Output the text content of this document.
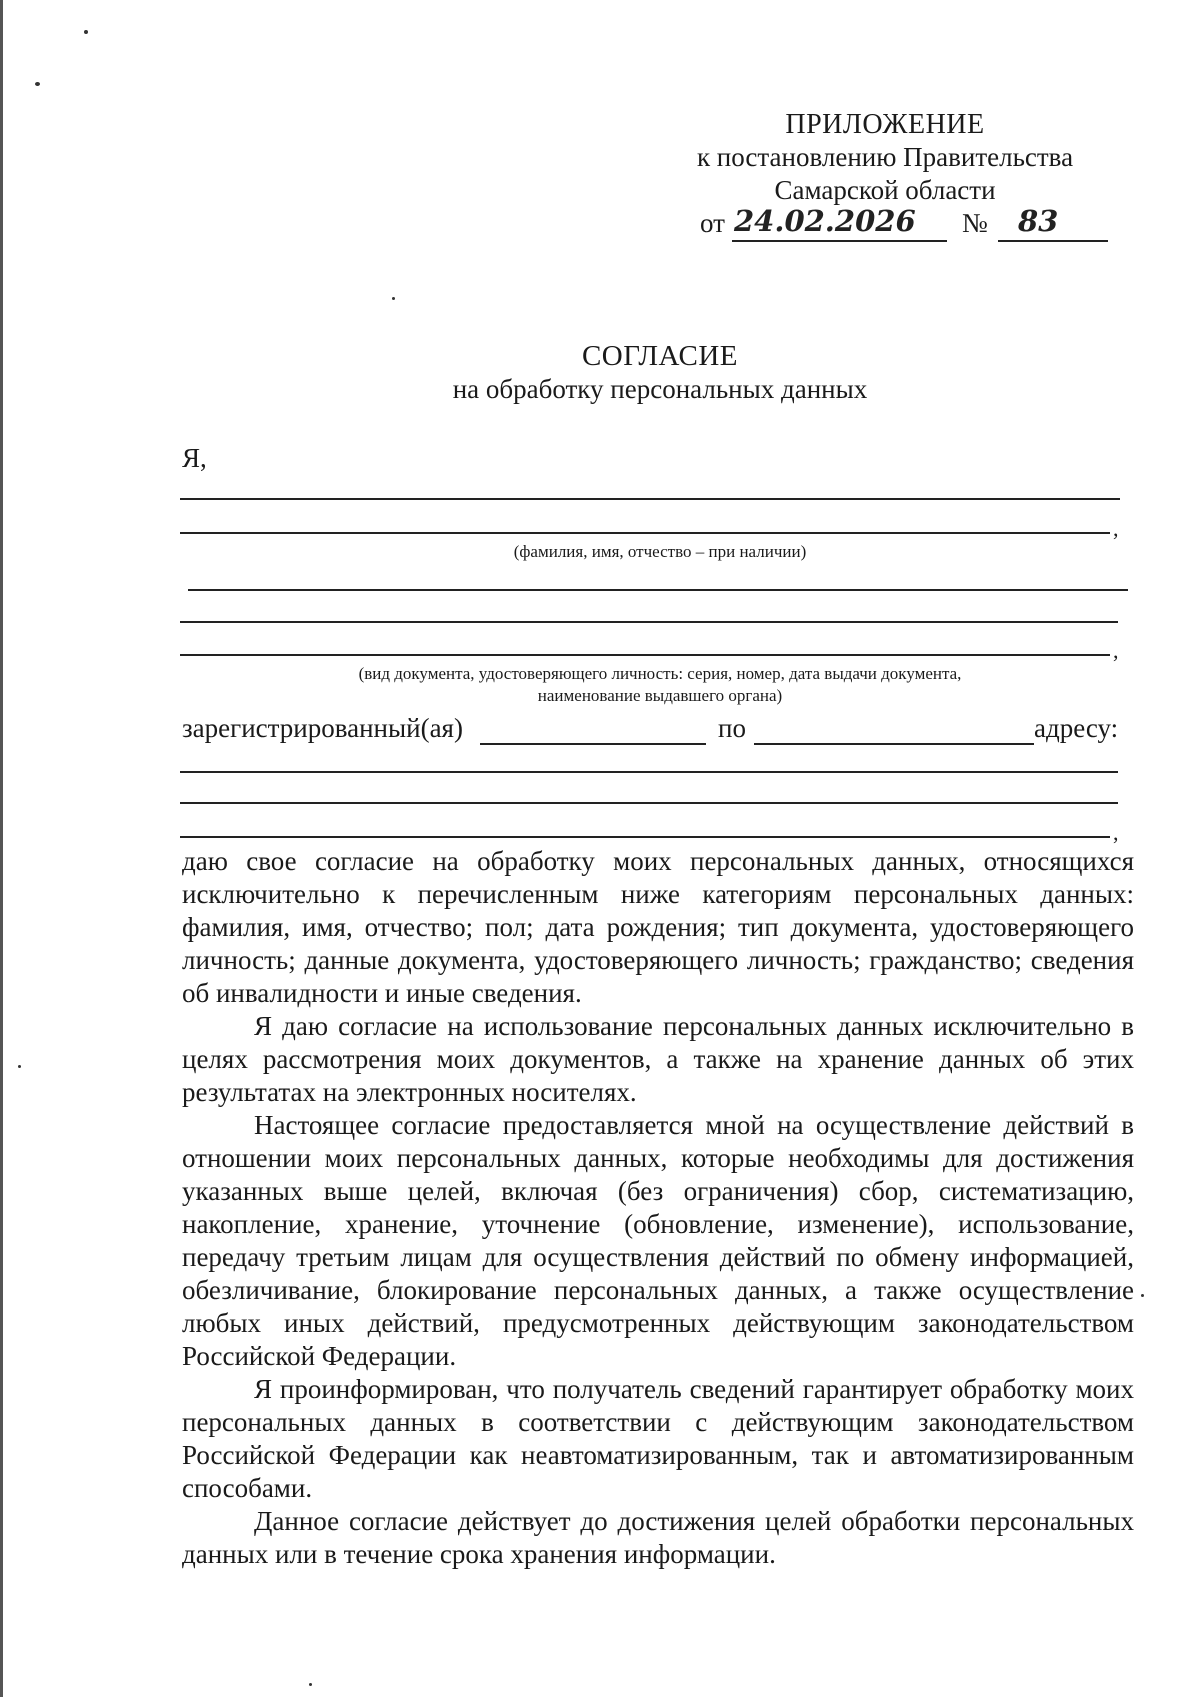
ПРИЛОЖЕНИЕ
к постановлению Правительства
Самарской области
от 24.02.2026 № 83
СОГЛАСИЕ
на обработку персональных данных
Я,
,
(фамилия, имя, отчество – при наличии)
,
(вид документа, удостоверяющего личность: серия, номер, дата выдачи документа,
наименование выдавшего органа)
зарегистрированный(ая)	по	адресу:
,

даю свое согласие на обработку моих персональных данных, относящихся исключительно к перечисленным ниже категориям персональных данных: фамилия, имя, отчество; пол; дата рождения; тип документа, удостоверяющего личность; данные документа, удостоверяющего личность; гражданство; сведения об инвалидности и иные сведения.

Я даю согласие на использование персональных данных исключительно в целях рассмотрения моих документов, а также на хранение данных об этих результатах на электронных носителях.

Настоящее согласие предоставляется мной на осуществление действий в отношении моих персональных данных, которые необходимы для достижения указанных выше целей, включая (без ограничения) сбор, систематизацию, накопление, хранение, уточнение (обновление, изменение), использование, передачу третьим лицам для осуществления действий по обмену информацией, обезличивание, блокирование персональных данных, а также осуществление любых иных действий, предусмотренных действующим законодательством Российской Федерации.

Я проинформирован, что получатель сведений гарантирует обработку моих персональных данных в соответствии с действующим законодательством Российской Федерации как неавтоматизированным, так и автоматизированным способами.

Данное согласие действует до достижения целей обработки персональных данных или в течение срока хранения информации.
